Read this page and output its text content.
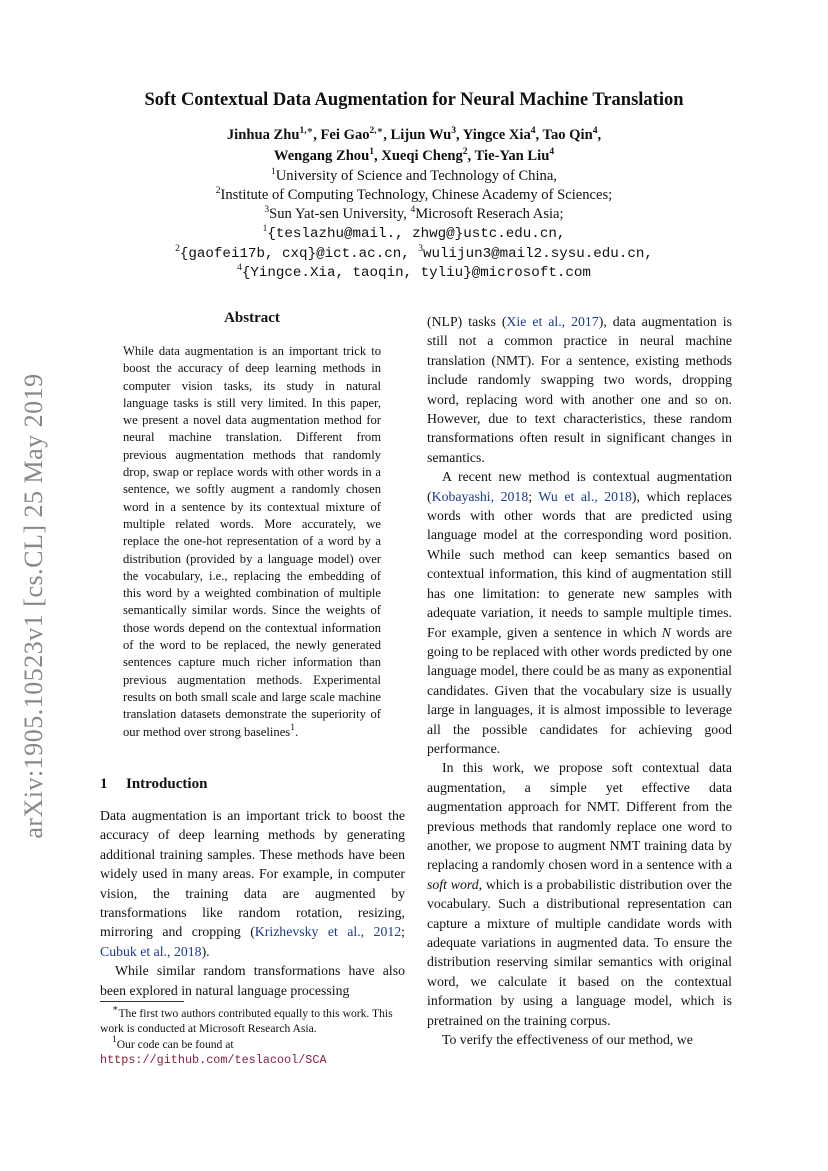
arXiv:1905.10523v1 [cs.CL] 25 May 2019
Soft Contextual Data Augmentation for Neural Machine Translation
Jinhua Zhu$^{1,∗}$, Fei Gao$^{2,∗}$, Lijun Wu$^3$, Yingce Xia$^4$, Tao Qin$^4$,
Wengang Zhou$^1$, Xueqi Cheng$^2$, Tie-Yan Liu$^4$
$^1$University of Science and Technology of China,
$^2$Institute of Computing Technology, Chinese Academy of Sciences;
$^3$Sun Yat-sen University, $^4$Microsoft Reserach Asia;
$^1${teslazhu@mail., zhwg@}ustc.edu.cn,
$^2${gaofei17b, cxq}@ict.ac.cn, $^3$wulijun3@mail2.sysu.edu.cn,
$^4${Yingce.Xia, taoqin, tyliu}@microsoft.com
Abstract
While data augmentation is an important trick to boost the accuracy of deep learning methods in computer vision tasks, its study in natural language tasks is still very limited. In this paper, we present a novel data augmentation method for neural machine translation. Different from previous augmentation methods that randomly drop, swap or replace words with other words in a sentence, we softly augment a randomly chosen word in a sentence by its contextual mixture of multiple related words. More accurately, we replace the one-hot representation of a word by a distribution (provided by a language model) over the vocabulary, i.e., replacing the embedding of this word by a weighted combination of multiple semantically similar words. Since the weights of those words depend on the contextual information of the word to be replaced, the newly generated sentences capture much richer information than previous augmentation methods. Experimental results on both small scale and large scale machine translation datasets demonstrate the superiority of our method over strong baselines$^1$.
1 Introduction

Data augmentation is an important trick to boost the accuracy of deep learning methods by generating additional training samples. These methods have been widely used in many areas. For example, in computer vision, the training data are augmented by transformations like random rotation, resizing, mirroring and cropping (Krizhevsky et al., 2012; Cubuk et al., 2018).

While similar random transformations have also been explored in natural language processing

∗The first two authors contributed equally to this work. This work is conducted at Microsoft Research Asia.

$^1$Our code can be found at https://github.com/teslacool/SCA

(NLP) tasks (Xie et al., 2017), data augmentation is still not a common practice in neural machine translation (NMT). For a sentence, existing methods include randomly swapping two words, dropping word, replacing word with another one and so on. However, due to text characteristics, these random transformations often result in significant changes in semantics.

A recent new method is contextual augmentation (Kobayashi, 2018; Wu et al., 2018), which replaces words with other words that are predicted using language model at the corresponding word position. While such method can keep semantics based on contextual information, this kind of augmentation still has one limitation: to generate new samples with adequate variation, it needs to sample multiple times. For example, given a sentence in which N words are going to be replaced with other words predicted by one language model, there could be as many as exponential candidates. Given that the vocabulary size is usually large in languages, it is almost impossible to leverage all the possible candidates for achieving good performance.

In this work, we propose soft contextual data augmentation, a simple yet effective data augmentation approach for NMT. Different from the previous methods that randomly replace one word to another, we propose to augment NMT training data by replacing a randomly chosen word in a sentence with a soft word, which is a probabilistic distribution over the vocabulary. Such a distributional representation can capture a mixture of multiple candidate words with adequate variations in augmented data. To ensure the distribution reserving similar semantics with original word, we calculate it based on the contextual information by using a language model, which is pretrained on the training corpus.

To verify the effectiveness of our method, we
